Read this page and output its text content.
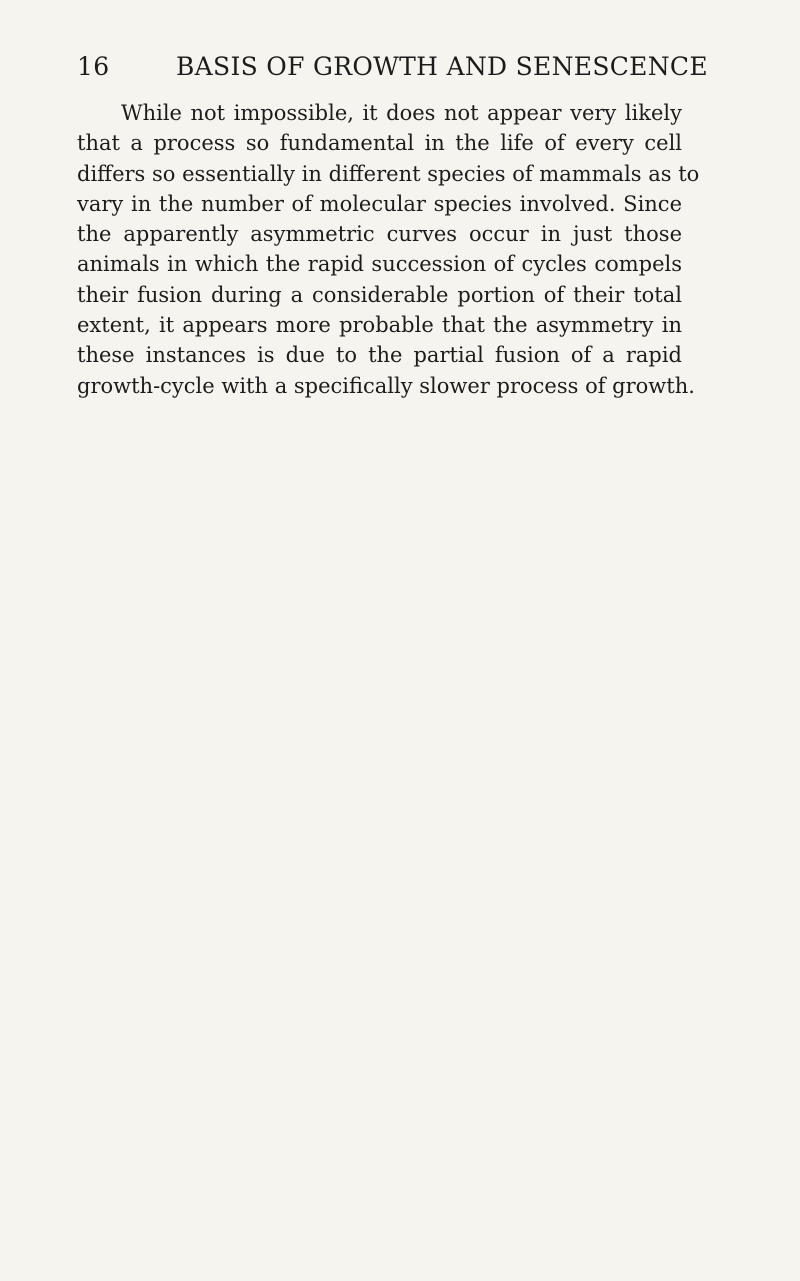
16	BASIS OF GROWTH AND SENESCENCE
While not impossible, it does not appear very likely
that a process so fundamental in the life of every cell
differs so essentially in different species of mammals as to
vary in the number of molecular species involved. Since
the apparently asymmetric curves occur in just those
animals in which the rapid succession of cycles compels
their fusion during a considerable portion of their total
extent, it appears more probable that the asymmetry in
these instances is due to the partial fusion of a rapid
growth-cycle with a specifically slower process of growth.
